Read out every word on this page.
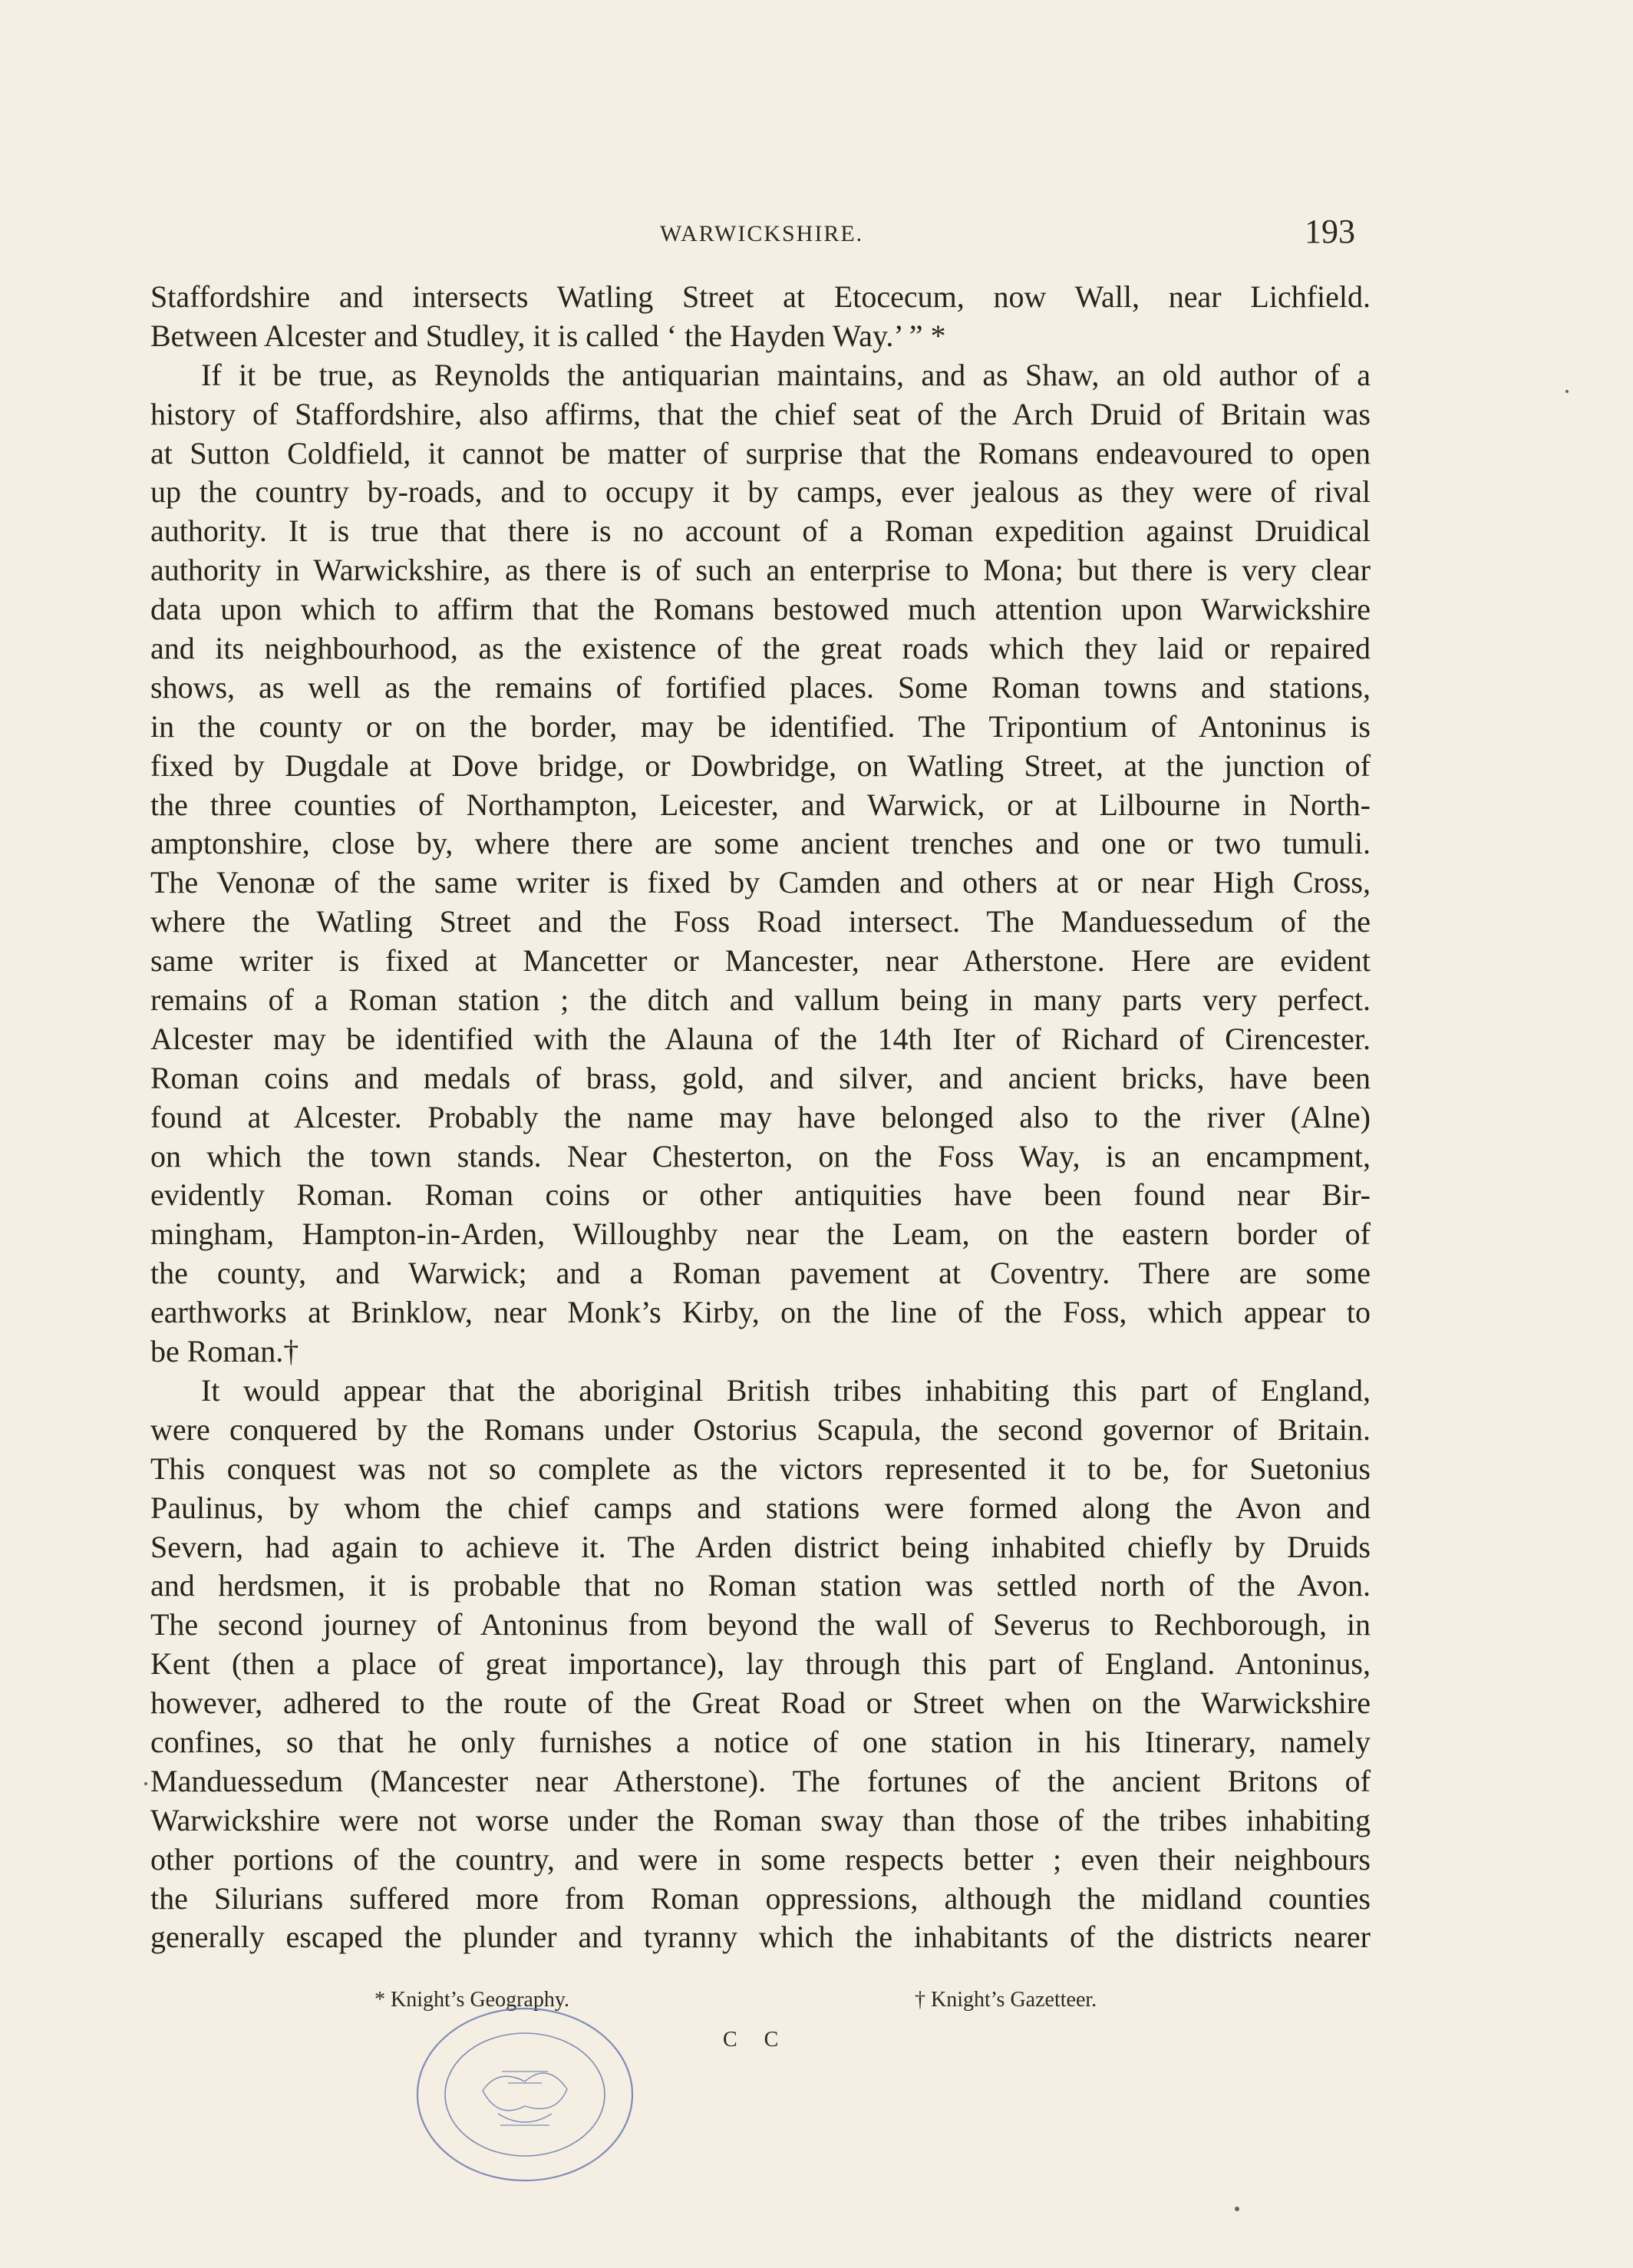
WARWICKSHIRE.	193
Staffordshire and intersects Watling Street at Etocecum, now Wall, near Lichfield.
Between Alcester and Studley, it is called ‘ the Hayden Way.’ ” *
If it be true, as Reynolds the antiquarian maintains, and as Shaw, an old author of a
history of Staffordshire, also affirms, that the chief seat of the Arch Druid of Britain was
at Sutton Coldfield, it cannot be matter of surprise that the Romans endeavoured to open
up the country by-roads, and to occupy it by camps, ever jealous as they were of rival
authority. It is true that there is no account of a Roman expedition against Druidical
authority in Warwickshire, as there is of such an enterprise to Mona; but there is very clear
data upon which to affirm that the Romans bestowed much attention upon Warwickshire
and its neighbourhood, as the existence of the great roads which they laid or repaired
shows, as well as the remains of fortified places. Some Roman towns and stations,
in the county or on the border, may be identified. The Tripontium of Antoninus is
fixed by Dugdale at Dove bridge, or Dowbridge, on Watling Street, at the junction of
the three counties of Northampton, Leicester, and Warwick, or at Lilbourne in North-
amptonshire, close by, where there are some ancient trenches and one or two tumuli.
The Venonæ of the same writer is fixed by Camden and others at or near High Cross,
where the Watling Street and the Foss Road intersect. The Manduessedum of the
same writer is fixed at Mancetter or Mancester, near Atherstone. Here are evident
remains of a Roman station ; the ditch and vallum being in many parts very perfect.
Alcester may be identified with the Alauna of the 14th Iter of Richard of Cirencester.
Roman coins and medals of brass, gold, and silver, and ancient bricks, have been
found at Alcester. Probably the name may have belonged also to the river (Alne)
on which the town stands. Near Chesterton, on the Foss Way, is an encampment,
evidently Roman. Roman coins or other antiquities have been found near Bir-
mingham, Hampton-in-Arden, Willoughby near the Leam, on the eastern border of
the county, and Warwick; and a Roman pavement at Coventry. There are some
earthworks at Brinklow, near Monk’s Kirby, on the line of the Foss, which appear to
be Roman.†
It would appear that the aboriginal British tribes inhabiting this part of England,
were conquered by the Romans under Ostorius Scapula, the second governor of Britain.
This conquest was not so complete as the victors represented it to be, for Suetonius
Paulinus, by whom the chief camps and stations were formed along the Avon and
Severn, had again to achieve it. The Arden district being inhabited chiefly by Druids
and herdsmen, it is probable that no Roman station was settled north of the Avon.
The second journey of Antoninus from beyond the wall of Severus to Rechborough, in
Kent (then a place of great importance), lay through this part of England. Antoninus,
however, adhered to the route of the Great Road or Street when on the Warwickshire
confines, so that he only furnishes a notice of one station in his Itinerary, namely
Manduessedum (Mancester near Atherstone). The fortunes of the ancient Britons of
Warwickshire were not worse under the Roman sway than those of the tribes inhabiting
other portions of the country, and were in some respects better ; even their neighbours
the Silurians suffered more from Roman oppressions, although the midland counties
generally escaped the plunder and tyranny which the inhabitants of the districts nearer
* Knight’s Geography.	† Knight’s Gazetteer.
C C
